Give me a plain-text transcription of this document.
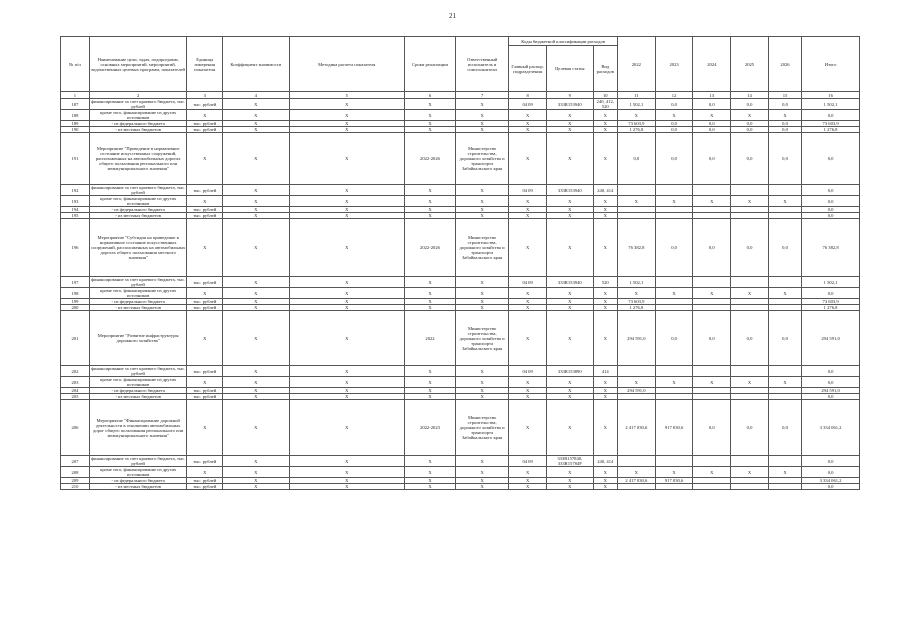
21
№ п/п	Наименование цели, задач, подпрограмм, основных мероприятий, мероприятий, ведомственных целевых программ, показателей	Единица измерения показателя	Коэффициент значимости	Методика расчета показателя	Сроки реализации	Ответственный исполнитель и соисполнители	Коды бюджетной классификации расходов			2022	2023	2024	2025	2026	Итого
							Главный распор. подразделения	Целевая статья	Вид расходов						
1	2	3	4	5	6	7	8	9	10	11	12	13	14	15	16
187	финансирование за счет краевого бюджета, тыс. рублей	тыс. рублей	X	X	X	X	04 09	333R153940	240, 412, 520	1 502,1	0,0	0,0	0,0	0,0	1 502,1
188	кроме того, финансирование из других источников	X	X	X	X	X	X	X	X	X	X	X	X	X	0,0
189	- из федерального бюджета	тыс. рублей	X	X	X	X	X	X	X	73 603,9	0,0	0,0	0,0	0,0	73 603,9
190	- из местных бюджетов	тыс. рублей	X	X	X	X	X	X	X	1 276,8	0,0	0,0	0,0	0,0	1 276,8
191	Мероприятие "Проведение в нормативное состояние искусственных сооружений, расположенных на автомобильных дорогах общего пользования регионального или межмуниципального значения"	X	X	X	2022-2026	Министерство строительства, дорожного хозяйства и транспорта Забайкальского края	X	X	X	0,0	0,0	0,0	0,0	0,0	0,0
192	финансирование за счет краевого бюджета, тыс. рублей	тыс. рублей	X	X	X	X	04 09	333R153940	240, 414						0,0
193	кроме того, финансирование из других источников	X	X	X	X	X	X	X	X	X	X	X	X	X	0,0
194	- из федерального бюджета	тыс. рублей	X	X	X	X	X	X	X						0,0
195	- из местных бюджетов	тыс. рублей	X	X	X	X	X	X	X						0,0
196	Мероприятие "Субсидия на приведение в нормативное состояние искусственных сооружений, расположенных на автомобильных дорогах общего пользования местного значения"	X	X	X	2022-2026	Министерство строительства, дорожного хозяйства и транспорта Забайкальского края	X	X	X	76 382,8	0,0	0,0	0,0	0,0	76 382,8
197	финансирование за счет краевого бюджета, тыс. рублей	тыс. рублей	X	X	X	X	04 09	333R153940	520	1 502,1					1 502,1
198	кроме того, финансирование из других источников	X	X	X	X	X	X	X	X	X	X	X	X	X	0,0
199	- из федерального бюджета	тыс. рублей	X	X	X	X	X	X	X	73 603,9					73 603,9
200	- из местных бюджетов	тыс. рублей	X	X	X	X	X	X	X	1 276,8					1 276,8
201	Мероприятие "Развитие инфраструктуры дорожного хозяйства"	X	X	X	2022	Министерство строительства, дорожного хозяйства и транспорта Забайкальского края	X	X	X	294 591,0	0,0	0,0	0,0	0,0	294 591,0
202	финансирование за счет краевого бюджета, тыс. рублей	тыс. рублей	X	X	X	X	04 09	333R153890	414						0,0
203	кроме того, финансирование из других источников	X	X	X	X	X	X	X	X	X	X	X	X	X	0,0
204	- из федерального бюджета	тыс. рублей	X	X	X	X	X	X	X	294 591,0					294 591,0
205	- из местных бюджетов	тыс. рублей	X	X	X	X	X	X	X						0,0
206	Мероприятие "Финансирование дорожной деятельности в отношении автомобильных дорог общего пользования регионального или межмуниципального значения"	X	X	X	2022-2023	Министерство строительства, дорожного хозяйства и транспорта Забайкальского края	X	X	X	2 417 030,6	917 030,6	0,0	0,0	0,0	3 334 061,2
207	финансирование за счет краевого бюджета, тыс. рублей	тыс. рублей	X	X	X	X	04 09	333R157840, 333R15784F	240, 414						0,0
208	кроме того, финансирование из других источников	X	X	X	X	X	X	X	X	X	X	X	X	X	0,0
209	- из федерального бюджета	тыс. рублей	X	X	X	X	X	X	X	2 417 030,6	917 030,6				3 334 061,2
210	- из местных бюджетов	тыс. рублей	X	X	X	X	X	X	X						0,0
